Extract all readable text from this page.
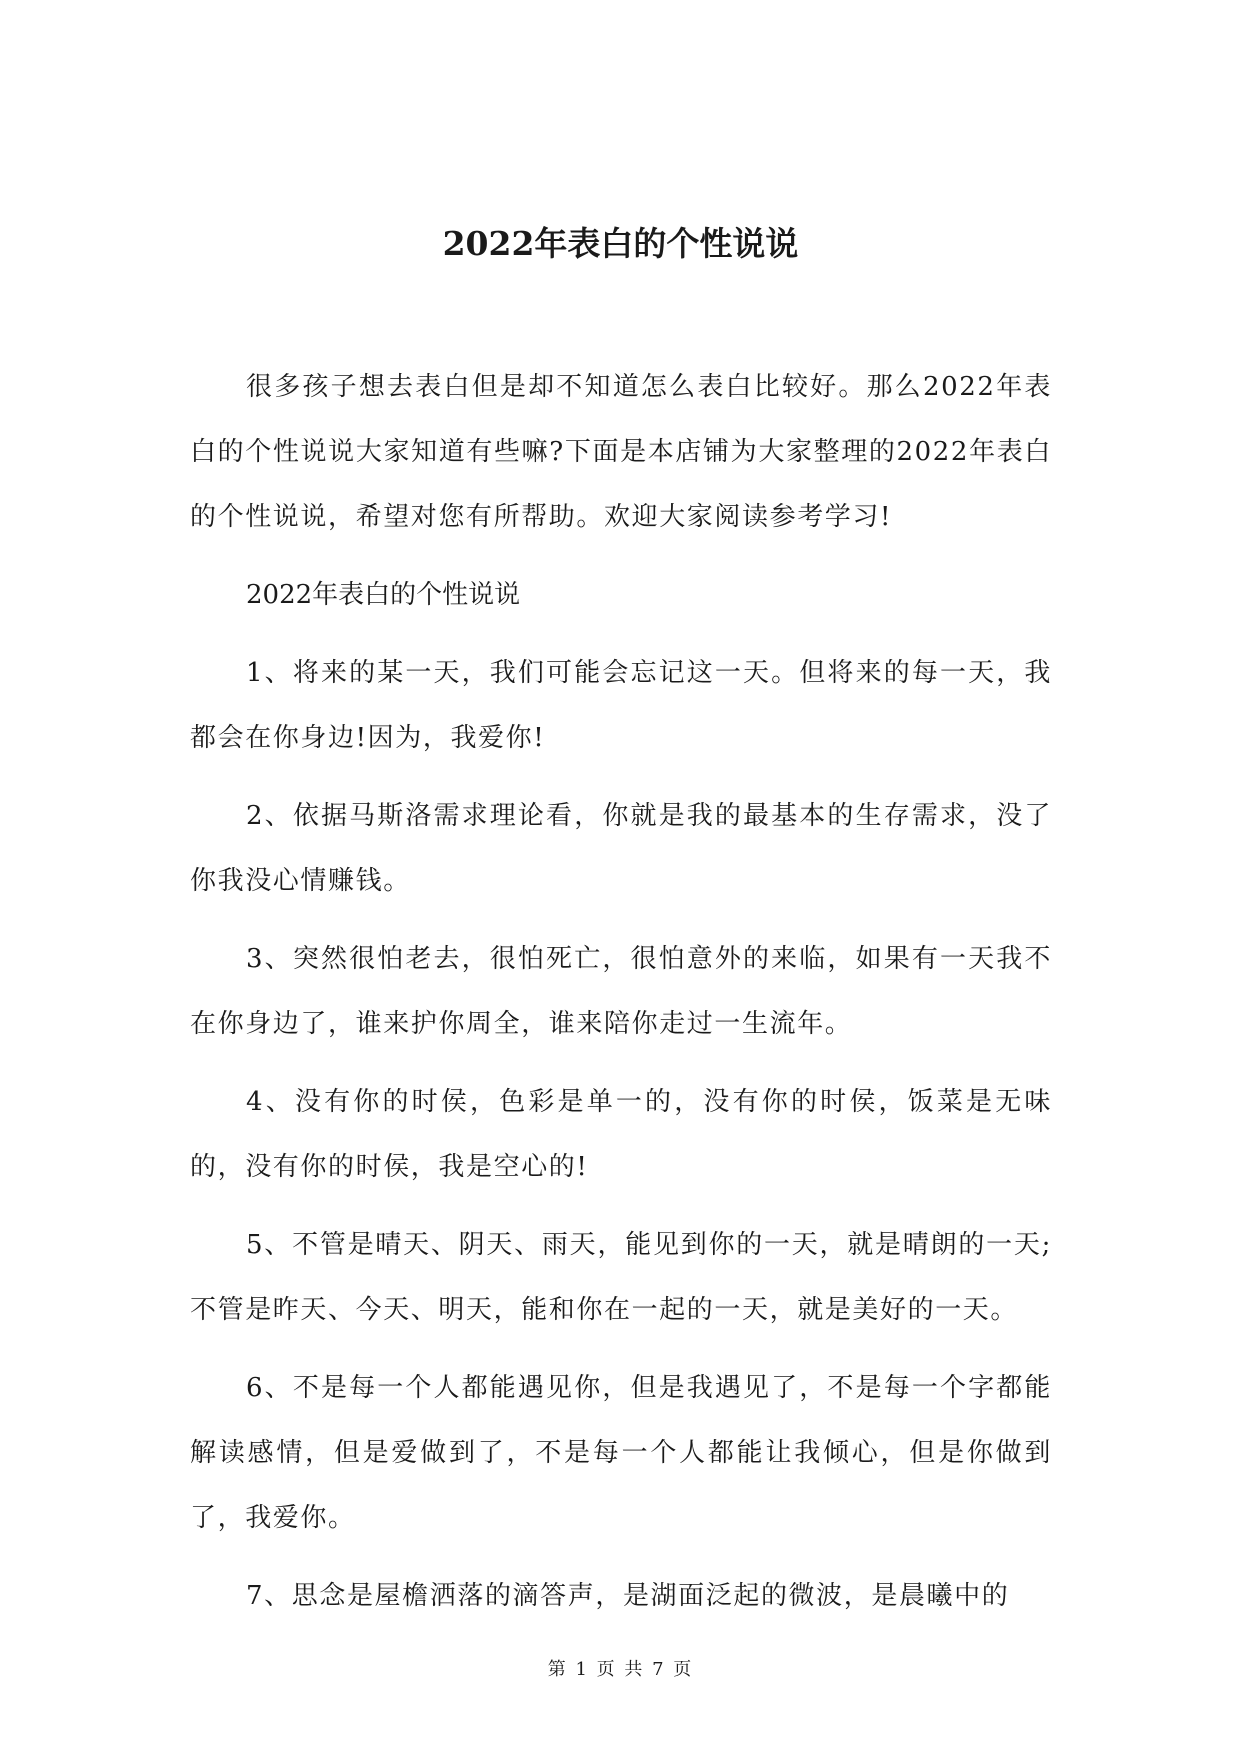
2022年表白的个性说说

很多孩子想去表白但是却不知道怎么表白比较好。那么2022年表白的个性说说大家知道有些嘛?下面是本店铺为大家整理的2022年表白的个性说说，希望对您有所帮助。欢迎大家阅读参考学习!

2022年表白的个性说说

1、将来的某一天，我们可能会忘记这一天。但将来的每一天，我都会在你身边!因为，我爱你!

2、依据马斯洛需求理论看，你就是我的最基本的生存需求，没了你我没心情赚钱。

3、突然很怕老去，很怕死亡，很怕意外的来临，如果有一天我不在你身边了，谁来护你周全，谁来陪你走过一生流年。

4、没有你的时侯，色彩是单一的，没有你的时侯，饭菜是无味的，没有你的时侯，我是空心的!

5、不管是晴天、阴天、雨天，能见到你的一天，就是晴朗的一天;不管是昨天、今天、明天，能和你在一起的一天，就是美好的一天。

6、不是每一个人都能遇见你，但是我遇见了，不是每一个字都能解读感情，但是爱做到了，不是每一个人都能让我倾心，但是你做到了，我爱你。

7、思念是屋檐洒落的滴答声，是湖面泛起的微波，是晨曦中的

第 1 页 共 7 页
